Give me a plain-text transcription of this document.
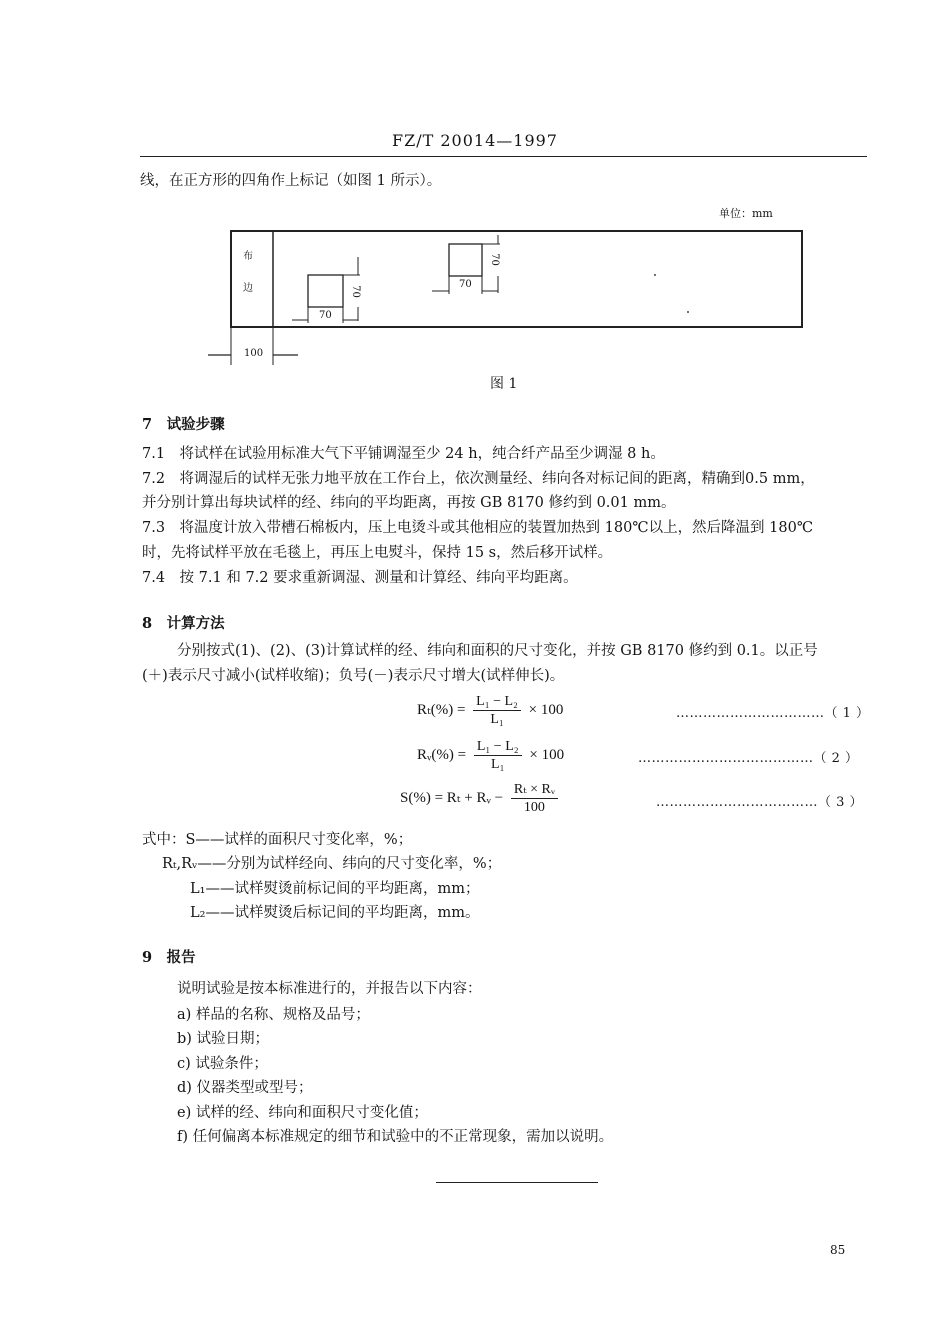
FZ/T 20014—1997
线，在正方形的四角作上标记（如图 1 所示）。
单位：mm
布
边
70
70
70
70
100
图 1
7　试验步骤
7.1　将试样在试验用标准大气下平铺调湿至少 24 h，纯合纤产品至少调湿 8 h。
7.2　将调湿后的试样无张力地平放在工作台上，依次测量经、纬向各对标记间的距离，精确到0.5 mm，
并分别计算出每块试样的经、纬向的平均距离，再按 GB 8170 修约到 0.01 mm。
7.3　将温度计放入带槽石棉板内，压上电烫斗或其他相应的装置加热到 180℃以上，然后降温到 180℃
时，先将试样平放在毛毯上，再压上电熨斗，保持 15 s，然后移开试样。
7.4　按 7.1 和 7.2 要求重新调湿、测量和计算经、纬向平均距离。
8　计算方法
分别按式(1)、(2)、(3)计算试样的经、纬向和面积的尺寸变化，并按 GB 8170 修约到 0.1。以正号
(＋)表示尺寸减小(试样收缩)；负号(－)表示尺寸增大(试样伸长)。
$R_t(\%) = \frac{\text{L₁ − L₂}}{\text{L₁}} \times 100$	……………………………（ 1 ）
Rᵥ(%) = $\frac{\text{L₁ − L₂}}{\text{L₁}} \times 100$	…………………………………（ 2 ）
S(%) = Rₜ + Rᵥ − $\frac{\text{Rₜ × Rᵥ}}{100}$	………………………………（ 3 ）
式中：S——试样的面积尺寸变化率，%；
Rₜ,Rᵥ——分别为试样经向、纬向的尺寸变化率，%；
L₁——试样熨烫前标记间的平均距离，mm；
L₂——试样熨烫后标记间的平均距离，mm。
9　报告
说明试验是按本标准进行的，并报告以下内容：
a) 样品的名称、规格及品号；
b) 试验日期；
c) 试验条件；
d) 仪器类型或型号；
e) 试样的经、纬向和面积尺寸变化值；
f) 任何偏离本标准规定的细节和试验中的不正常现象，需加以说明。
85
